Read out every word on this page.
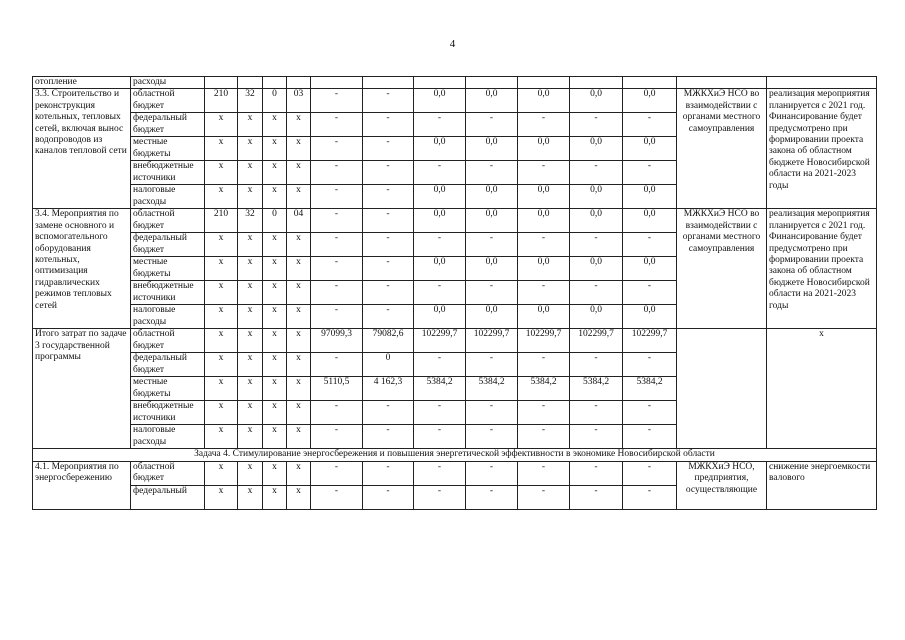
4
отопление	расходы														
3.3. Строительство и реконструкция котельных, тепловых сетей, включая вынос водопроводов из каналов тепловой сети	областной бюджет	210	32	0	03	-	-	0,0	0,0	0,0	0,0	0,0	МЖКХиЭ НСО во взаимодействии с органами местного самоуправления	реализация мероприятия планируется с 2021 год. Финансирование будет предусмотрено при формировании проекта закона об областном бюджете Новосибирской области на 2021-2023 годы	
	федеральный бюджет	x	x	x	x	-	-	-	-	-	-	-			
	местные бюджеты	x	x	x	x	-	-	0,0	0,0	0,0	0,0	0,0			
	внебюджетные источники	x	x	x	x	-	-	-	-	-	-	-			
	налоговые расходы	x	x	x	x	-	-	0,0	0,0	0,0	0,0	0,0			
3.4. Мероприятия по замене основного и вспомогательного оборудования котельных, оптимизация гидравлических режимов тепловых сетей	областной бюджет	210	32	0	04	-	-	0,0	0,0	0,0	0,0	0,0	МЖКХиЭ НСО во взаимодействии с органами местного самоуправления	реализация мероприятия планируется с 2021 год. Финансирование будет предусмотрено при формировании проекта закона об областном бюджете Новосибирской области на 2021-2023 годы	
	федеральный бюджет	x	x	x	x	-	-	-	-	-	-	-			
	местные бюджеты	x	x	x	x	-	-	0,0	0,0	0,0	0,0	0,0			
	внебюджетные источники	x	x	x	x	-	-	-	-	-	-	-			
	налоговые расходы	x	x	x	x	-	-	0,0	0,0	0,0	0,0	0,0			
Итого затрат по задаче 3 государственной программы	областной бюджет	x	x	x	x	97099,3	79082,6	102299,7	102299,7	102299,7	102299,7	102299,7		x	
	федеральный бюджет	x	x	x	x	-	0	-	-	-	-	-			
	местные бюджеты	x	x	x	x	5110,5	4 162,3	5384,2	5384,2	5384,2	5384,2	5384,2			
	внебюджетные источники	x	x	x	x	-	-	-	-	-	-	-			
	налоговые расходы	x	x	x	x	-	-	-	-	-	-	-			
Задача 4. Стимулирование энергосбережения и повышения энергетической эффективности в экономике Новосибирской области															
4.1. Мероприятия по энергосбережению	областной бюджет	x	x	x	x	-	-	-	-	-	-	-	МЖКХиЭ НСО, предприятия, осуществляющие	снижение энергоемкости валового	
	федеральный	x	x	x	x	-	-	-	-	-	-	-			
